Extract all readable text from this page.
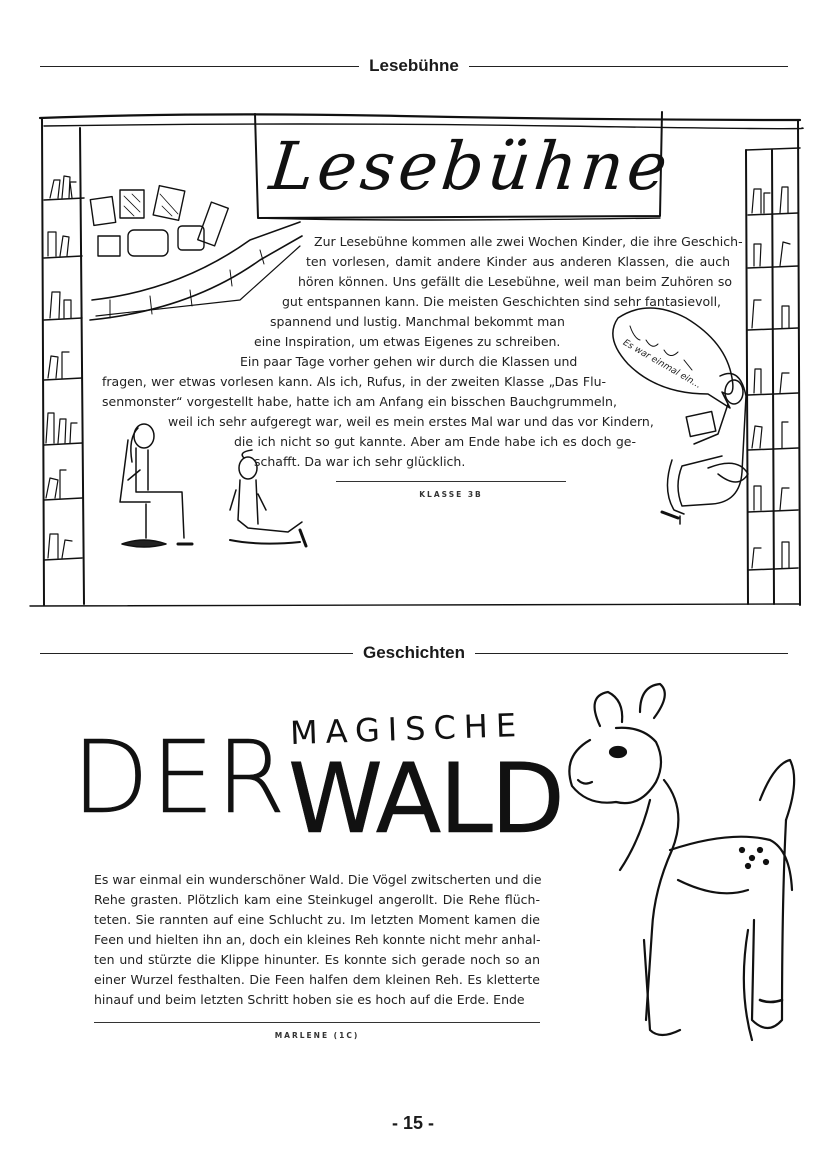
Lesebühne
Lesebühne
Es war einmal ein...
Zur Lesebühne kommen alle zwei Wochen Kinder, die ihre Geschich-
ten vorlesen, damit andere Kinder aus anderen Klassen, die auch
hören können. Uns gefällt die Lesebühne, weil man beim Zuhören so
gut entspannen kann. Die meisten Geschichten sind sehr fantasievoll,
spannend und lustig. Manchmal bekommt man
eine Inspiration, um etwas Eigenes zu schreiben.
Ein paar Tage vorher gehen wir durch die Klassen und
fragen, wer etwas vorlesen kann. Als ich, Rufus, in der zweiten Klasse „Das Flu-
senmonster“ vorgestellt habe, hatte ich am Anfang ein bisschen Bauchgrummeln,
weil ich sehr aufgeregt war, weil es mein erstes Mal war und das vor Kindern,
die ich nicht so gut kannte. Aber am Ende habe ich es doch ge-
schafft. Da war ich sehr glücklich.
KLASSE 3B
Geschichten
DER MAGISCHE
WALD
Es war einmal ein wunderschöner Wald. Die Vögel zwitscherten und die
Rehe grasten. Plötzlich kam eine Steinkugel angerollt. Die Rehe flüch-
teten. Sie rannten auf eine Schlucht zu. Im letzten Moment kamen die
Feen und hielten ihn an, doch ein kleines Reh konnte nicht mehr anhal-
ten und stürzte die Klippe hinunter. Es konnte sich gerade noch so an
einer Wurzel festhalten. Die Feen halfen dem kleinen Reh. Es kletterte
hinauf und beim letzten Schritt hoben sie es hoch auf die Erde. Ende
MARLENE (1C)
- 15 -
